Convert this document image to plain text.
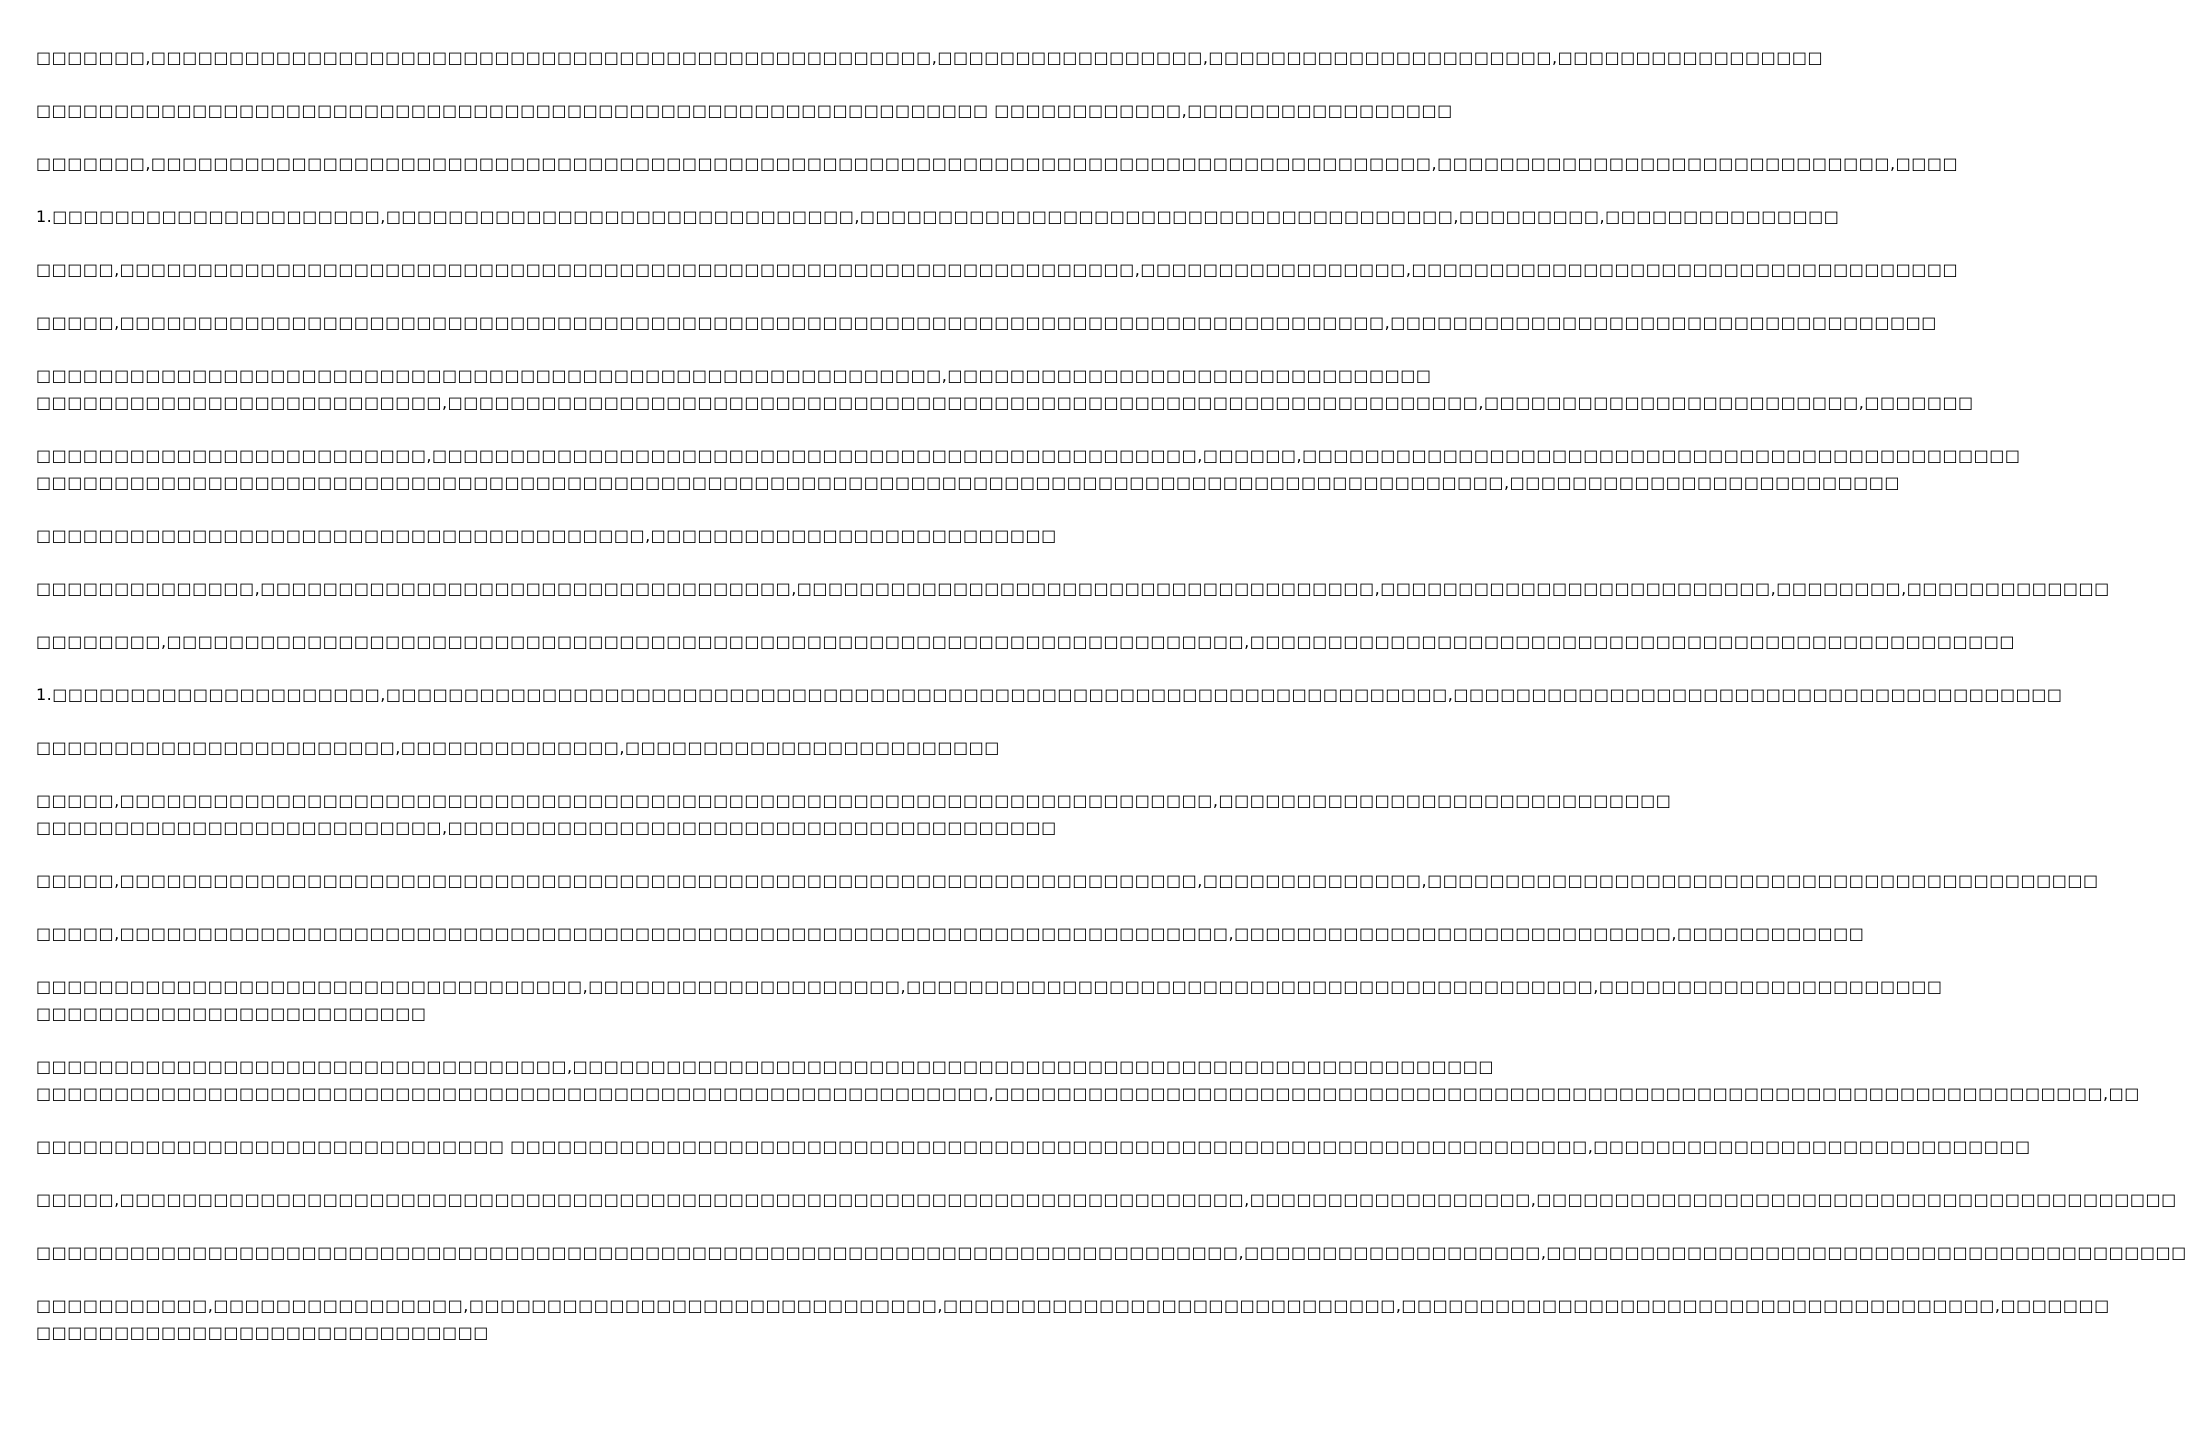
□□□□□□□,□□□□□□□□□□□□□□□□□□□□□□□□□□□□□□□□□□□□□□□□□□□□□□□□□□,□□□□□□□□□□□□□□□□□,□□□□□□□□□□□□□□□□□□□□□□,□□□□□□□□□□□□□□□□□

□□□□□□□□□□□□□□□□□□□□□□□□□□□□□□□□□□□□□□□□□□□□□□□□□□□□□□□□□□□□□ □□□□□□□□□□□□,□□□□□□□□□□□□□□□□□

□□□□□□□,□□□□□□□□□□□□□□□□□□□□□□□□□□□□□□□□□□□□□□□□□□□□□□□□□□□□□□□□□□□□□□□□□□□□□□□□□□□□□□□□□□,□□□□□□□□□□□□□□□□□□□□□□□□□□□□□,□□□□

1.□□□□□□□□□□□□□□□□□□□□□,□□□□□□□□□□□□□□□□□□□□□□□□□□□□□□,□□□□□□□□□□□□□□□□□□□□□□□□□□□□□□□□□□□□□□,□□□□□□□□□,□□□□□□□□□□□□□□□

□□□□□,□□□□□□□□□□□□□□□□□□□□□□□□□□□□□□□□□□□□□□□□□□□□□□□□□□□□□□□□□□□□□□□□□,□□□□□□□□□□□□□□□□□,□□□□□□□□□□□□□□□□□□□□□□□□□□□□□□□□□□□

□□□□□,□□□□□□□□□□□□□□□□□□□□□□□□□□□□□□□□□□□□□□□□□□□□□□□□□□□□□□□□□□□□□□□□□□□□□□□□□□□□□□□□□,□□□□□□□□□□□□□□□□□□□□□□□□□□□□□□□□□□□

□□□□□□□□□□□□□□□□□□□□□□□□□□□□□□□□□□□□□□□□□□□□□□□□□□□□□□□□□□,□□□□□□□□□□□□□□□□□□□□□□□□□□□□□□□
□□□□□□□□□□□□□□□□□□□□□□□□□□,□□□□□□□□□□□□□□□□□□□□□□□□□□□□□□□□□□□□□□□□□□□□□□□□□□□□□□□□□□□□□□□□□□,□□□□□□□□□□□□□□□□□□□□□□□□,□□□□□□□

□□□□□□□□□□□□□□□□□□□□□□□□□,□□□□□□□□□□□□□□□□□□□□□□□□□□□□□□□□□□□□□□□□□□□□□□□□□,□□□□□□,□□□□□□□□□□□□□□□□□□□□□□□□□□□□□□□□□□□□□□□□□□□□□□
□□□□□□□□□□□□□□□□□□□□□□□□□□□□□□□□□□□□□□□□□□□□□□□□□□□□□□□□□□□□□□□□□□□□□□□□□□□□□□□□□□□□□□□□□□□□□□,□□□□□□□□□□□□□□□□□□□□□□□□□

□□□□□□□□□□□□□□□□□□□□□□□□□□□□□□□□□□□□□□□,□□□□□□□□□□□□□□□□□□□□□□□□□□

□□□□□□□□□□□□□□,□□□□□□□□□□□□□□□□□□□□□□□□□□□□□□□□□□,□□□□□□□□□□□□□□□□□□□□□□□□□□□□□□□□□□□□□,□□□□□□□□□□□□□□□□□□□□□□□□□,□□□□□□□□,□□□□□□□□□□□□□

□□□□□□□□,□□□□□□□□□□□□□□□□□□□□□□□□□□□□□□□□□□□□□□□□□□□□□□□□□□□□□□□□□□□□□□□□□□□□□,□□□□□□□□□□□□□□□□□□□□□□□□□□□□□□□□□□□□□□□□□□□□□□□□□

1.□□□□□□□□□□□□□□□□□□□□□,□□□□□□□□□□□□□□□□□□□□□□□□□□□□□□□□□□□□□□□□□□□□□□□□□□□□□□□□□□□□□□□□□□□□,□□□□□□□□□□□□□□□□□□□□□□□□□□□□□□□□□□□□□□□

□□□□□□□□□□□□□□□□□□□□□□□,□□□□□□□□□□□□□□,□□□□□□□□□□□□□□□□□□□□□□□□

□□□□□,□□□□□□□□□□□□□□□□□□□□□□□□□□□□□□□□□□□□□□□□□□□□□□□□□□□□□□□□□□□□□□□□□□□□□□,□□□□□□□□□□□□□□□□□□□□□□□□□□□□□
□□□□□□□□□□□□□□□□□□□□□□□□□□,□□□□□□□□□□□□□□□□□□□□□□□□□□□□□□□□□□□□□□□

□□□□□,□□□□□□□□□□□□□□□□□□□□□□□□□□□□□□□□□□□□□□□□□□□□□□□□□□□□□□□□□□□□□□□□□□□□□,□□□□□□□□□□□□□□,□□□□□□□□□□□□□□□□□□□□□□□□□□□□□□□□□□□□□□□□□□□

□□□□□,□□□□□□□□□□□□□□□□□□□□□□□□□□□□□□□□□□□□□□□□□□□□□□□□□□□□□□□□□□□□□□□□□□□□□□□,□□□□□□□□□□□□□□□□□□□□□□□□□□□□,□□□□□□□□□□□□

□□□□□□□□□□□□□□□□□□□□□□□□□□□□□□□□□□□,□□□□□□□□□□□□□□□□□□□□,□□□□□□□□□□□□□□□□□□□□□□□□□□□□□□□□□□□□□□□□□□□□,□□□□□□□□□□□□□□□□□□□□□□
□□□□□□□□□□□□□□□□□□□□□□□□□

□□□□□□□□□□□□□□□□□□□□□□□□□□□□□□□□□□,□□□□□□□□□□□□□□□□□□□□□□□□□□□□□□□□□□□□□□□□□□□□□□□□□□□□□□□□□□□
□□□□□□□□□□□□□□□□□□□□□□□□□□□□□□□□□□□□□□□□□□□□□□□□□□□□□□□□□□□□□,□□□□□□□□□□□□□□□□□□□□□□□□□□□□□□□□□□□□□□□□□□□□□□□□□□□□□□□□□□□□□□□□□□□□□□□,□□

□□□□□□□□□□□□□□□□□□□□□□□□□□□□□□ □□□□□□□□□□□□□□□□□□□□□□□□□□□□□□□□□□□□□□□□□□□□□□□□□□□□□□□□□□□□□□□□□□□□□,□□□□□□□□□□□□□□□□□□□□□□□□□□□□

□□□□□,□□□□□□□□□□□□□□□□□□□□□□□□□□□□□□□□□□□□□□□□□□□□□□□□□□□□□□□□□□□□□□□□□□□□□□□□,□□□□□□□□□□□□□□□□□□,□□□□□□□□□□□□□□□□□□□□□□□□□□□□□□□□□□□□□□□□□

□□□□□□□□□□□□□□□□□□□□□□□□□□□□□□□□□□□□□□□□□□□□□□□□□□□□□□□□□□□□□□□□□□□□□□□□□□□□□,□□□□□□□□□□□□□□□□□□□,□□□□□□□□□□□□□□□□□□□□□□□□□□□□□□□□□□□□□□□□□

□□□□□□□□□□□,□□□□□□□□□□□□□□□□,□□□□□□□□□□□□□□□□□□□□□□□□□□□□□□,□□□□□□□□□□□□□□□□□□□□□□□□□□□□□,□□□□□□□□□□□□□□□□□□□□□□□□□□□□□□□□□□□□□□,□□□□□□□
□□□□□□□□□□□□□□□□□□□□□□□□□□□□□
